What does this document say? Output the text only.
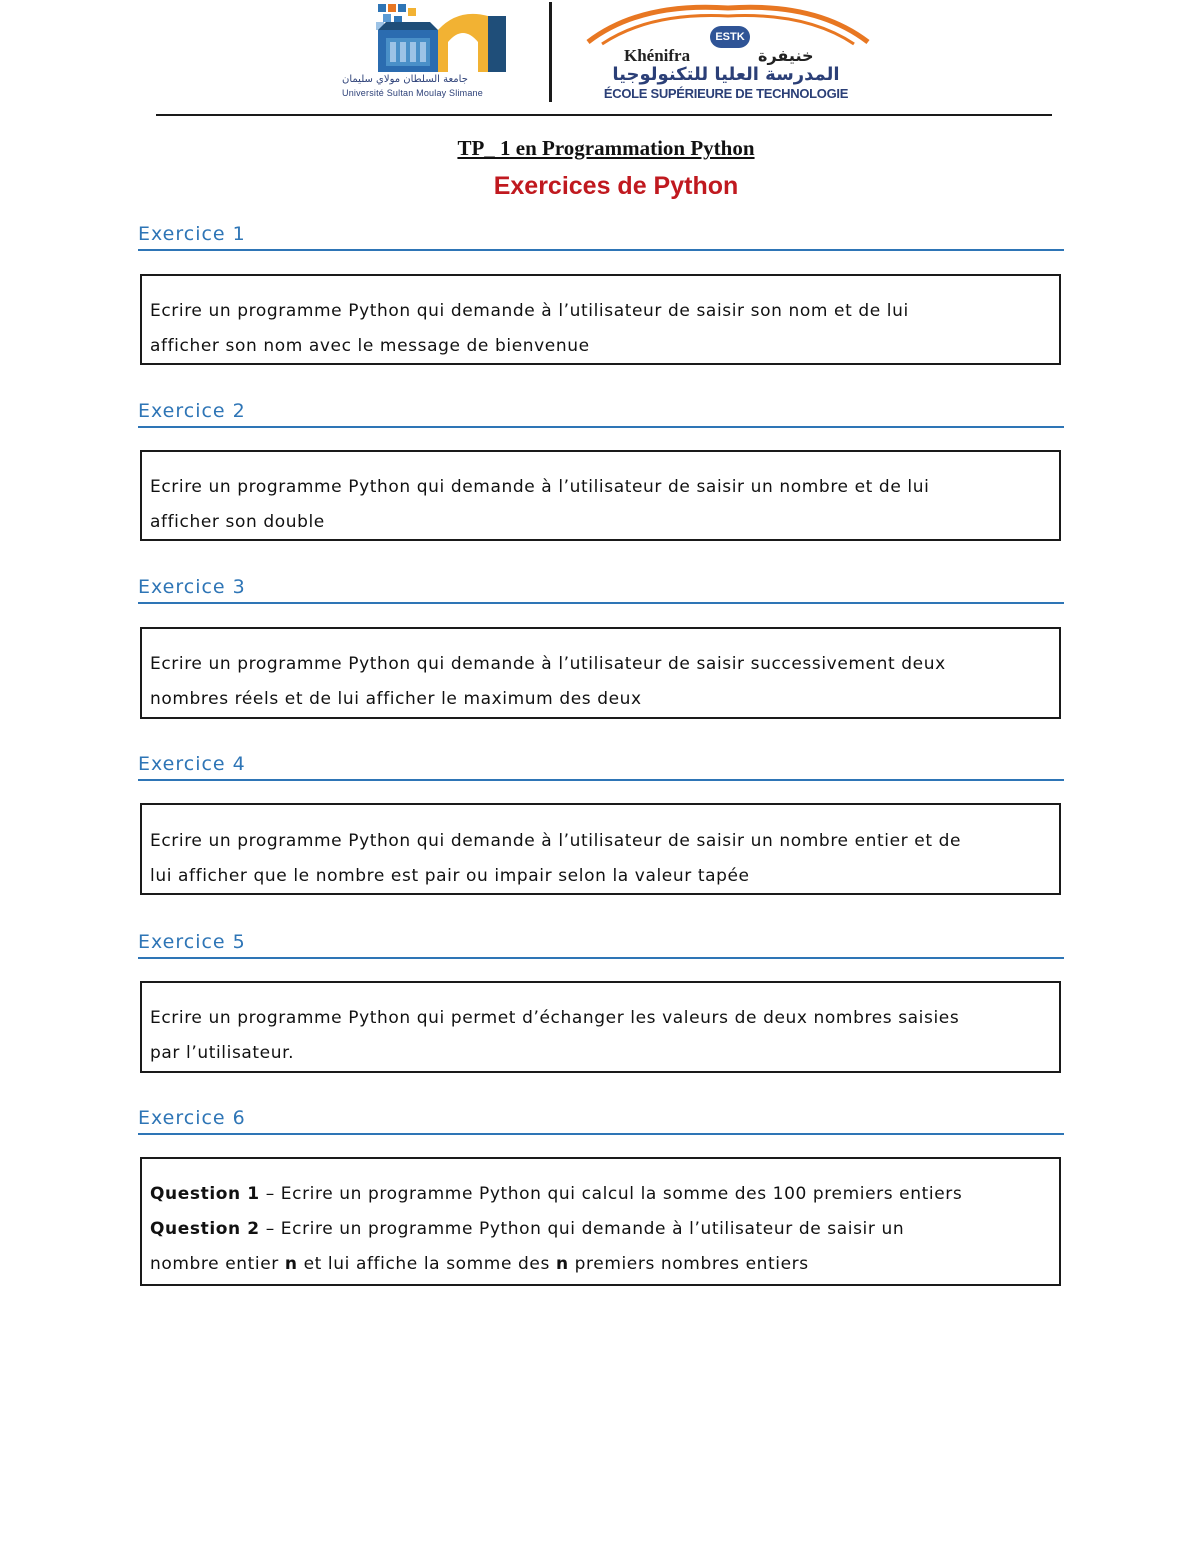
جامعة السلطان مولاي سليمان
Université Sultan Moulay Slimane
ESTK
Khénifra	خنيفرة
المدرسة العليا للتكنولوجيا
ÉCOLE SUPÉRIEURE DE TECHNOLOGIE
TP_ 1 en Programmation Python
Exercices de Python
Exercice 1

Ecrire un programme Python qui demande à l’utilisateur de saisir son nom et de lui

afficher son nom avec le message de bienvenue

Exercice 2

Ecrire un programme Python qui demande à l’utilisateur de saisir un nombre et de lui

afficher son double

Exercice 3

Ecrire un programme Python qui demande à l’utilisateur de saisir successivement deux

nombres réels et de lui afficher le maximum des deux

Exercice 4

Ecrire un programme Python qui demande à l’utilisateur de saisir un nombre entier et de

lui afficher que le nombre est pair ou impair selon la valeur tapée

Exercice 5

Ecrire un programme Python qui permet d’échanger les valeurs de deux nombres saisies

par l’utilisateur.

Exercice 6

Question 1 – Ecrire un programme Python qui calcul la somme des 100 premiers entiers

Question 2 – Ecrire un programme Python qui demande à l’utilisateur de saisir un

nombre entier n et lui affiche la somme des n premiers nombres entiers
